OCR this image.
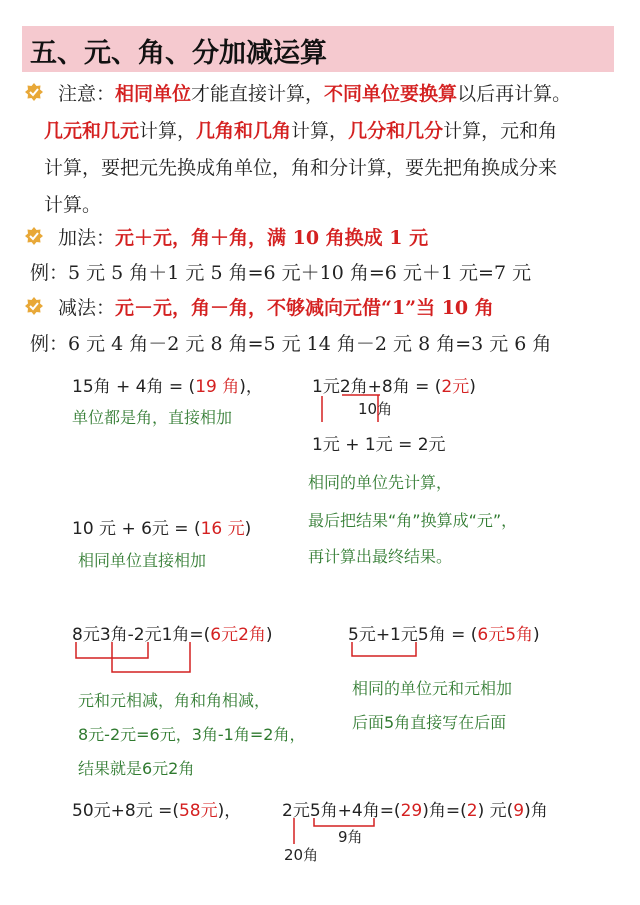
五、元、角、分加减运算
注意：相同单位才能直接计算，不同单位要换算以后再计算。
几元和几元计算，几角和几角计算，几分和几分计算，元和角
计算，要把元先换成角单位，角和分计算，要先把角换成分来
计算。
加法：元＋元，角＋角，满 10 角换成 1 元
例：5 元 5 角＋1 元 5 角=6 元＋10 角=6 元＋1 元=7 元
减法：元－元，角－角，不够减向元借“1”当 10 角
例：6 元 4 角－2 元 8 角=5 元 14 角－2 元 8 角=3 元 6 角
15角 + 4角 = (19 角)，
单位都是角，直接相加
1元2角+8角 = (2元)
10角
1元 + 1元 = 2元
相同的单位先计算，
最后把结果“角”换算成“元”，
再计算出最终结果。
10 元 + 6元 = (16 元)
相同单位直接相加
8元3角-2元1角=(6元2角)
元和元相减，角和角相减，
8元-2元=6元，3角-1角=2角，
结果就是6元2角
5元+1元5角 = (6元5角)
相同的单位元和元相加
后面5角直接写在后面
50元+8元 =(58元)， 2元5角+4角=(29)角=(2) 元(9)角
9角
20角
